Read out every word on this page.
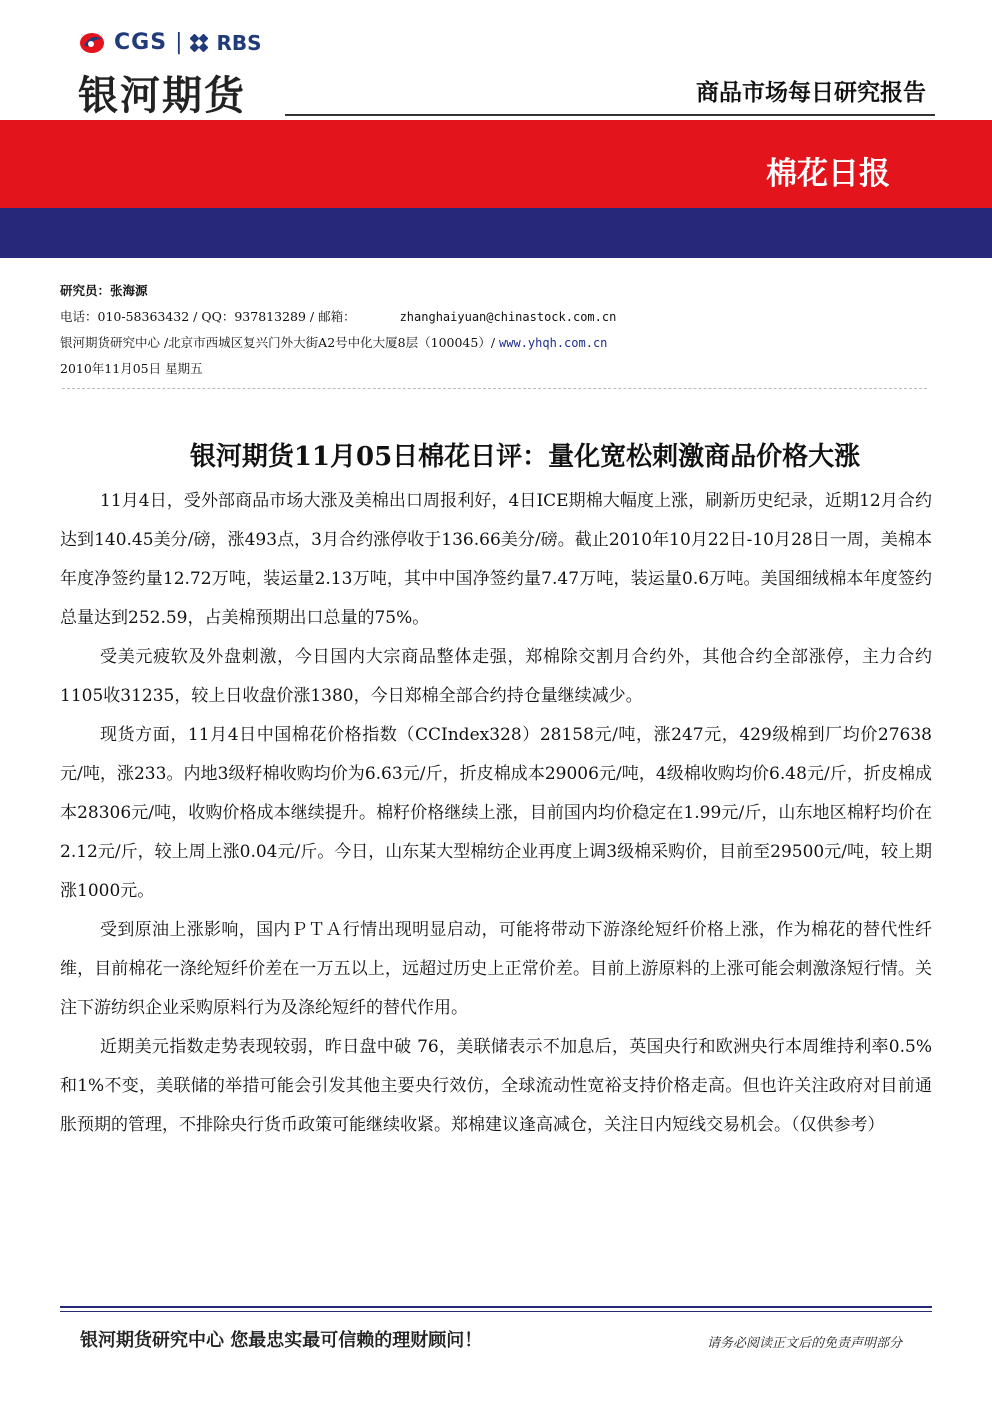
CGS | RBS
银河期货	商品市场每日研究报告
棉花日报
研究员：张海源
电话：010-58363432 / QQ：937813289 / 邮箱：	zhanghaiyuan@chinastock.com.cn
银河期货研究中心 /北京市西城区复兴门外大街A2号中化大厦8层（100045）/ www.yhqh.com.cn
2010年11月05日 星期五
银河期货11月05日棉花日评：量化宽松刺激商品价格大涨

11月4日，受外部商品市场大涨及美棉出口周报利好，4日ICE期棉大幅度上涨，刷新历史纪录，近期12月合约达到140.45美分/磅，涨493点，3月合约涨停收于136.66美分/磅。截止2010年10月22日-10月28日一周，美棉本年度净签约量12.72万吨，装运量2.13万吨，其中中国净签约量7.47万吨，装运量0.6万吨。美国细绒棉本年度签约总量达到252.59，占美棉预期出口总量的75%。

受美元疲软及外盘刺激，今日国内大宗商品整体走强，郑棉除交割月合约外，其他合约全部涨停，主力合约1105收31235，较上日收盘价涨1380，今日郑棉全部合约持仓量继续减少。

现货方面，11月4日中国棉花价格指数（CCIndex328）28158元/吨，涨247元，429级棉到厂均价27638元/吨，涨233。内地3级籽棉收购均价为6.63元/斤，折皮棉成本29006元/吨，4级棉收购均价6.48元/斤，折皮棉成本28306元/吨，收购价格成本继续提升。棉籽价格继续上涨，目前国内均价稳定在1.99元/斤，山东地区棉籽均价在2.12元/斤，较上周上涨0.04元/斤。今日，山东某大型棉纺企业再度上调3级棉采购价，目前至29500元/吨，较上期涨1000元。

受到原油上涨影响，国内ＰＴＡ行情出现明显启动，可能将带动下游涤纶短纤价格上涨，作为棉花的替代性纤维，目前棉花一涤纶短纤价差在一万五以上，远超过历史上正常价差。目前上游原料的上涨可能会刺激涤短行情。关注下游纺织企业采购原料行为及涤纶短纤的替代作用。

近期美元指数走势表现较弱，昨日盘中破 76，美联储表示不加息后，英国央行和欧洲央行本周维持利率0.5%和1%不变，美联储的举措可能会引发其他主要央行效仿，全球流动性宽裕支持价格走高。但也许关注政府对目前通胀预期的管理，不排除央行货币政策可能继续收紧。郑棉建议逢高减仓，关注日内短线交易机会。（仅供参考）

银河期货研究中心 您最忠实最可信赖的理财顾问！	请务必阅读正文后的免责声明部分
